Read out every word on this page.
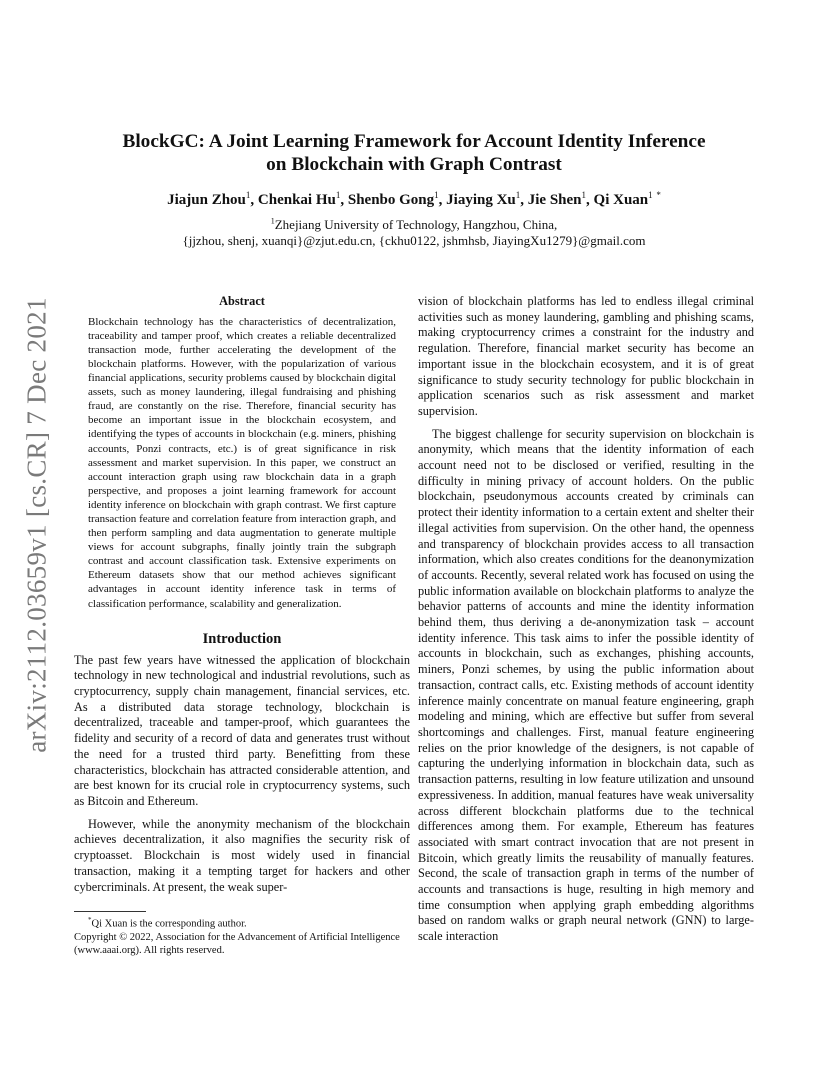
arXiv:2112.03659v1 [cs.CR] 7 Dec 2021
BlockGC: A Joint Learning Framework for Account Identity Inference
on Blockchain with Graph Contrast
Jiajun Zhou$^1$, Chenkai Hu$^1$, Shenbo Gong$^1$, Jiaying Xu$^1$, Jie Shen$^1$, Qi Xuan$^1$ *
$^1$Zhejiang University of Technology, Hangzhou, China,
{jjzhou, shenj, xuanqi}@zjut.edu.cn, {ckhu0122, jshmhsb, JiayingXu1279}@gmail.com
Abstract
Blockchain technology has the characteristics of decentralization, traceability and tamper proof, which creates a reliable decentralized transaction mode, further accelerating the development of the blockchain platforms. However, with the popularization of various financial applications, security problems caused by blockchain digital assets, such as money laundering, illegal fundraising and phishing fraud, are constantly on the rise. Therefore, financial security has become an important issue in the blockchain ecosystem, and identifying the types of accounts in blockchain (e.g. miners, phishing accounts, Ponzi contracts, etc.) is of great significance in risk assessment and market supervision. In this paper, we construct an account interaction graph using raw blockchain data in a graph perspective, and proposes a joint learning framework for account identity inference on blockchain with graph contrast. We first capture transaction feature and correlation feature from interaction graph, and then perform sampling and data augmentation to generate multiple views for account subgraphs, finally jointly train the subgraph contrast and account classification task. Extensive experiments on Ethereum datasets show that our method achieves significant advantages in account identity inference task in terms of classification performance, scalability and generalization.
Introduction

The past few years have witnessed the application of blockchain technology in new technological and industrial revolutions, such as cryptocurrency, supply chain management, financial services, etc. As a distributed data storage technology, blockchain is decentralized, traceable and tamper-proof, which guarantees the fidelity and security of a record of data and generates trust without the need for a trusted third party. Benefitting from these characteristics, blockchain has attracted considerable attention, and are best known for its crucial role in cryptocurrency systems, such as Bitcoin and Ethereum.

However, while the anonymity mechanism of the blockchain achieves decentralization, it also magnifies the security risk of cryptoasset. Blockchain is most widely used in financial transaction, making it a tempting target for hackers and other cybercriminals. At present, the weak super-

*Qi Xuan is the corresponding author.
Copyright © 2022, Association for the Advancement of Artificial Intelligence (www.aaai.org). All rights reserved.

vision of blockchain platforms has led to endless illegal criminal activities such as money laundering, gambling and phishing scams, making cryptocurrency crimes a constraint for the industry and regulation. Therefore, financial market security has become an important issue in the blockchain ecosystem, and it is of great significance to study security technology for public blockchain in application scenarios such as risk assessment and market supervision.

The biggest challenge for security supervision on blockchain is anonymity, which means that the identity information of each account need not to be disclosed or verified, resulting in the difficulty in mining privacy of account holders. On the public blockchain, pseudonymous accounts created by criminals can protect their identity information to a certain extent and shelter their illegal activities from supervision. On the other hand, the openness and transparency of blockchain provides access to all transaction information, which also creates conditions for the deanonymization of accounts. Recently, several related work has focused on using the public information available on blockchain platforms to analyze the behavior patterns of accounts and mine the identity information behind them, thus deriving a de-anonymization task – account identity inference. This task aims to infer the possible identity of accounts in blockchain, such as exchanges, phishing accounts, miners, Ponzi schemes, by using the public information about transaction, contract calls, etc. Existing methods of account identity inference mainly concentrate on manual feature engineering, graph modeling and mining, which are effective but suffer from several shortcomings and challenges. First, manual feature engineering relies on the prior knowledge of the designers, is not capable of capturing the underlying information in blockchain data, such as transaction patterns, resulting in low feature utilization and unsound expressiveness. In addition, manual features have weak universality across different blockchain platforms due to the technical differences among them. For example, Ethereum has features associated with smart contract invocation that are not present in Bitcoin, which greatly limits the reusability of manually features. Second, the scale of transaction graph in terms of the number of accounts and transactions is huge, resulting in high memory and time consumption when applying graph embedding algorithms based on random walks or graph neural network (GNN) to large-scale interaction
